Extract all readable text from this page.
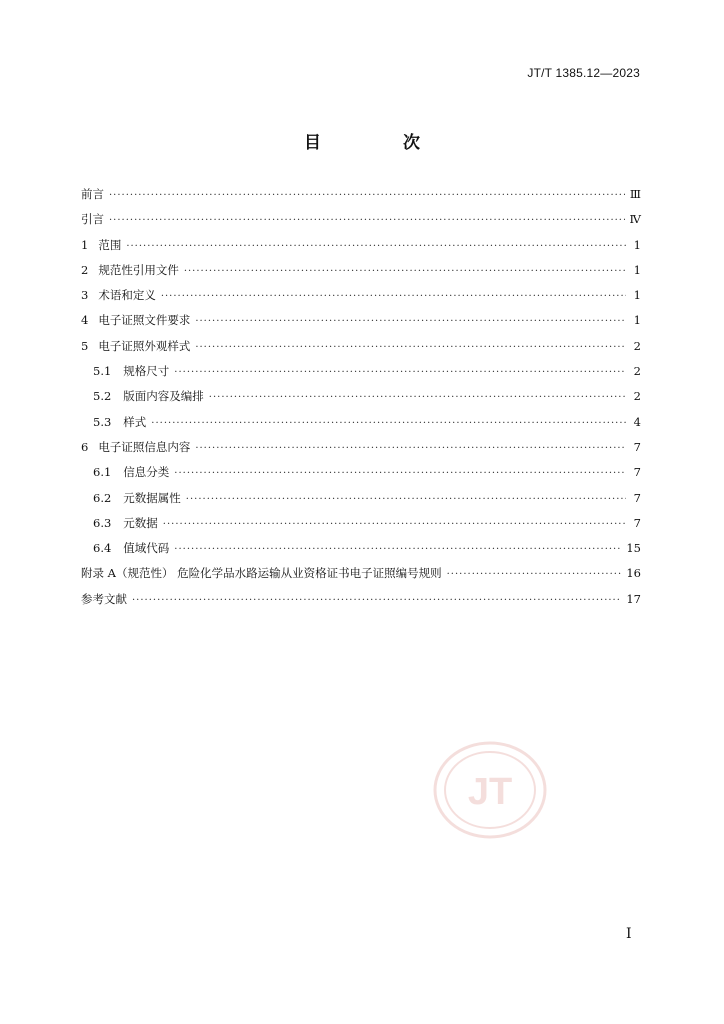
JT/T 1385.12—2023
目 次
前言 ·····	Ⅲ
引言 ·····	Ⅳ
1 范围 ·····	1
2 规范性引用文件 ·····	1
3 术语和定义 ·····	1
4 电子证照文件要求 ·····	1
5 电子证照外观样式 ·····	2
5.1 规格尺寸 ·····	2
5.2 版面内容及编排 ·····	2
5.3 样式 ·····	4
6 电子证照信息内容 ·····	7
6.1 信息分类 ·····	7
6.2 元数据属性 ·····	7
6.3 元数据 ·····	7
6.4 值域代码 ·····	15
附录 A（规范性） 危险化学品水路运输从业资格证书电子证照编号规则 ·····	16
参考文献 ·····	17
JT
I
